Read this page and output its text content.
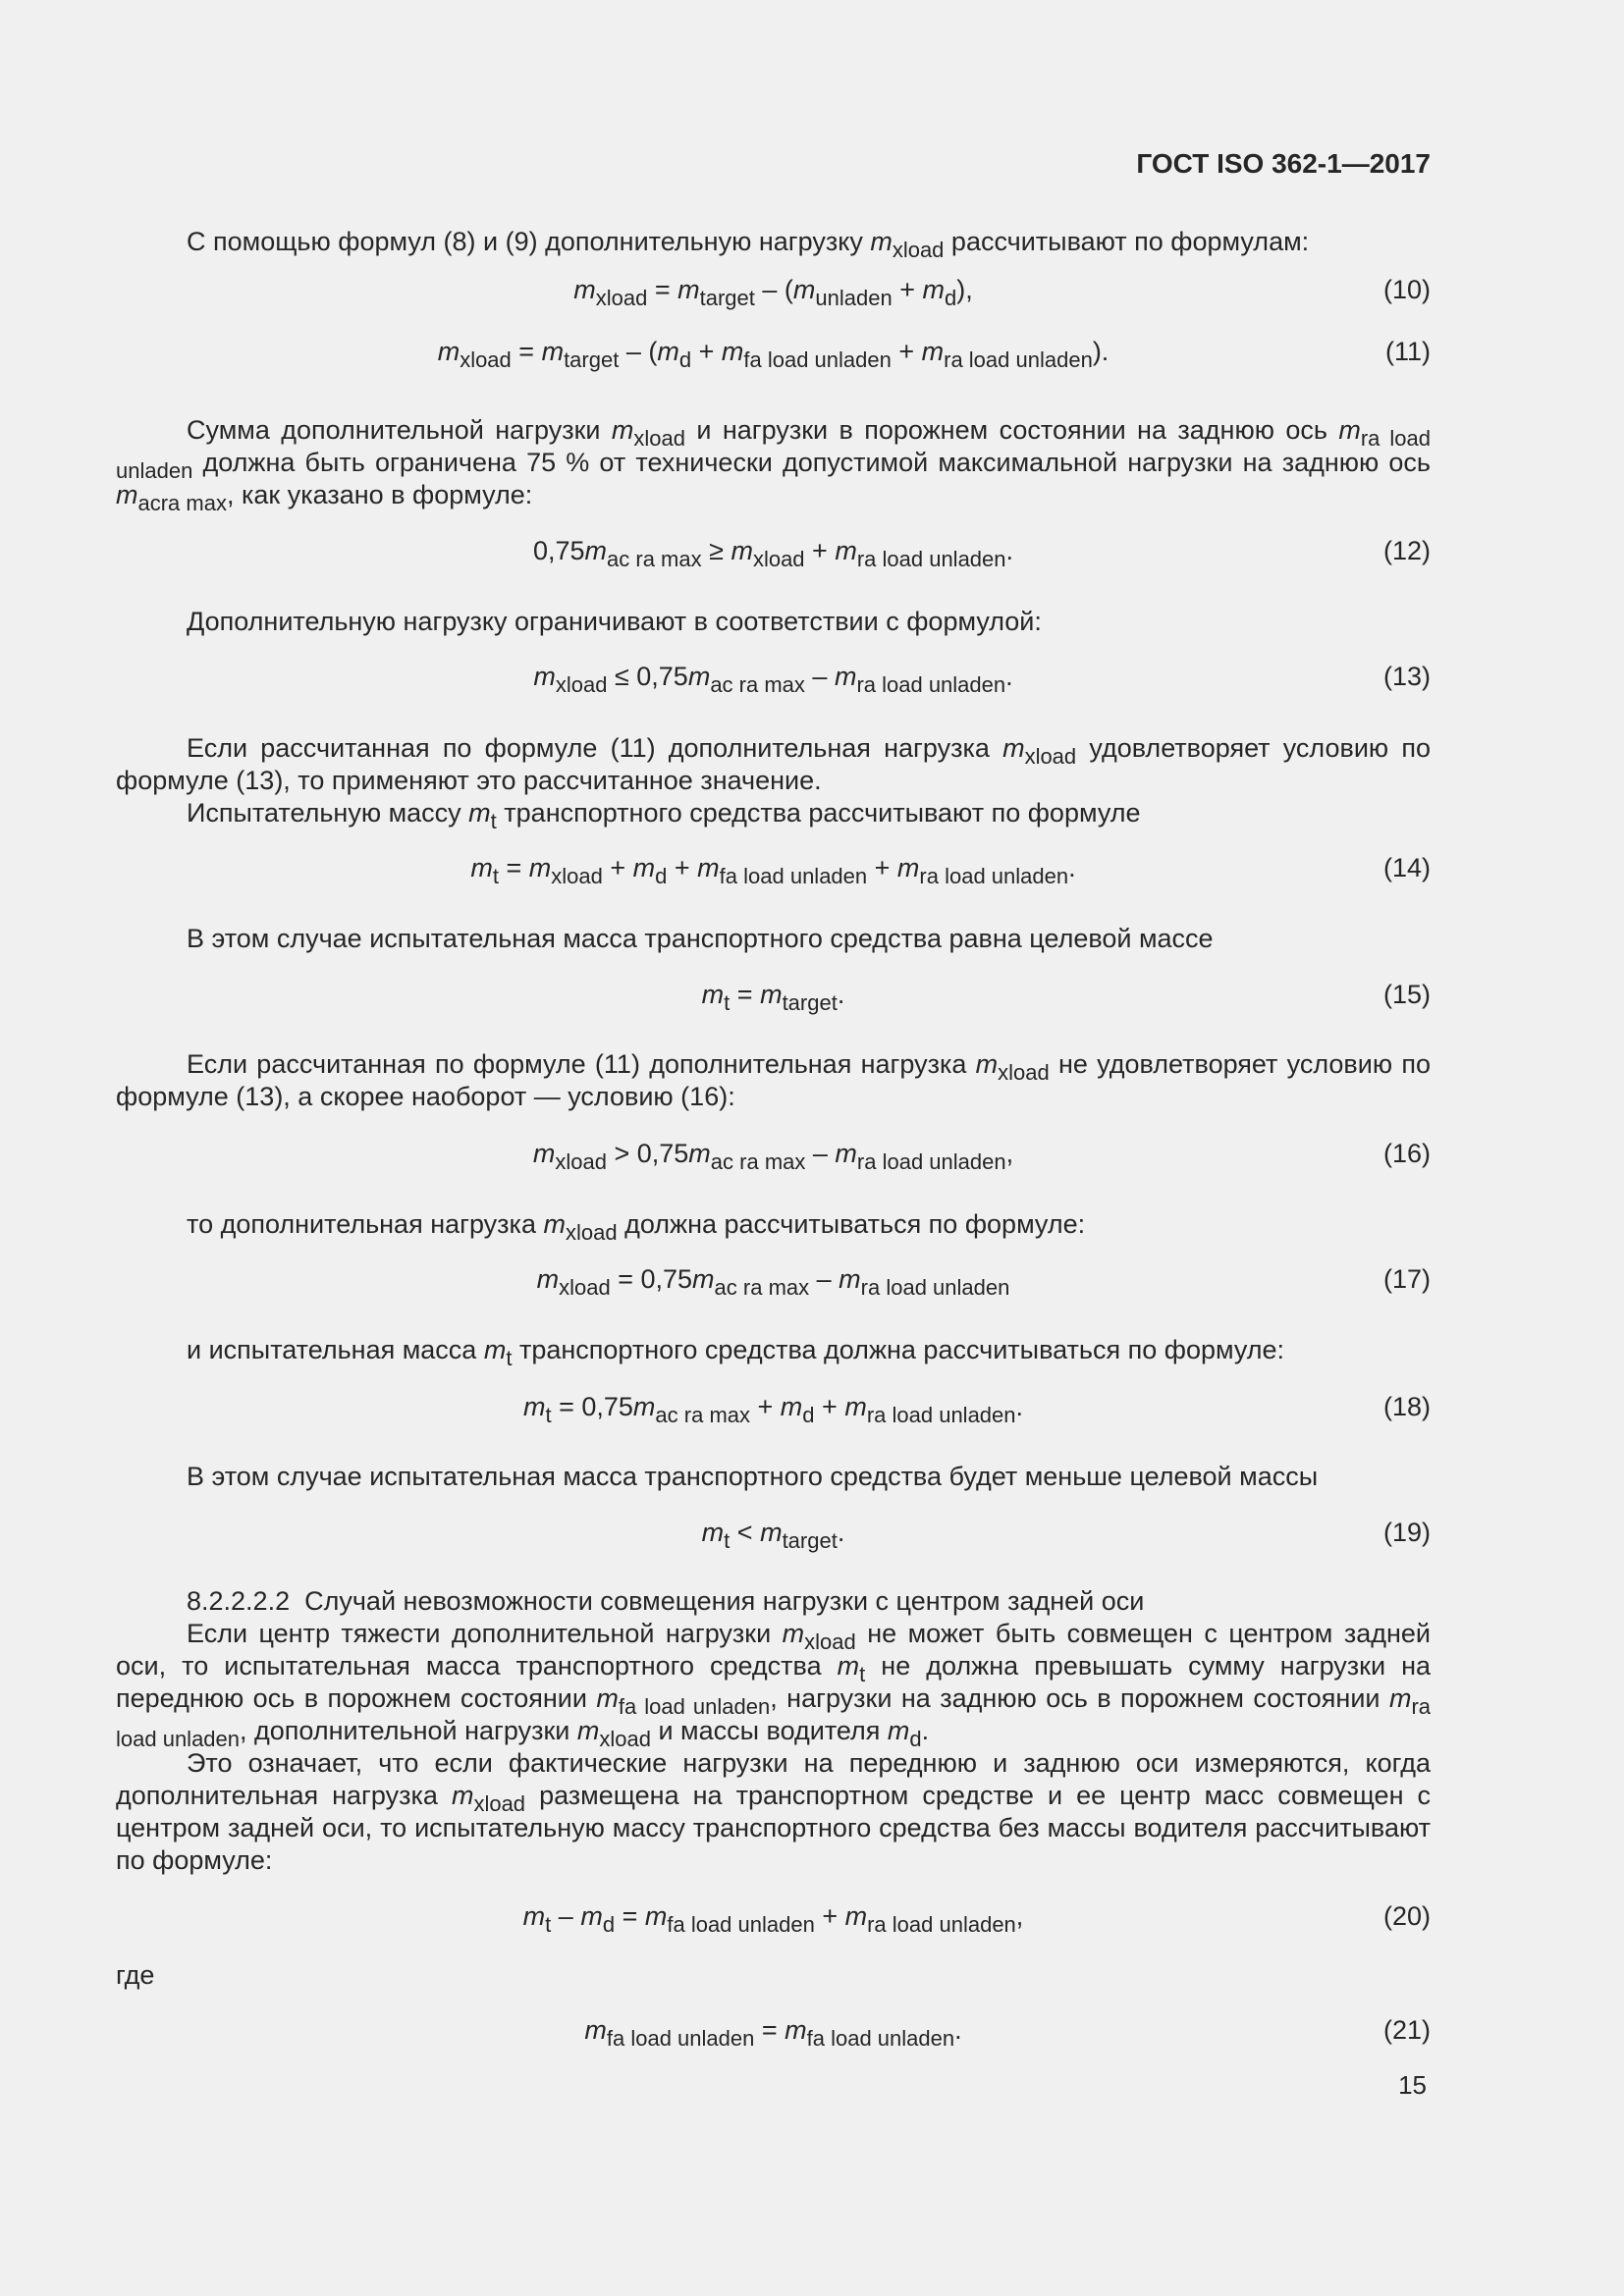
ГОСТ ISO 362-1—2017

С помощью формул (8) и (9) дополнительную нагрузку $m_{xload}$ рассчитывают по формулам:

$m_{xload} = m_{target} - (m_{unladen} + m_d)$,	(10)
$m_{xload} = m_{target} - (m_d + m_{fa load unladen} + m_{ra load unladen})$.	(11)

Сумма дополнительной нагрузки $m_{xload}$ и нагрузки в порожнем состоянии на заднюю ось $m_{ra load unladen}$ должна быть ограничена 75 % от технически допустимой максимальной нагрузки на заднюю ось $m_{acra max}$, как указано в формуле:

$0,75m_{ac ra max} \ge m_{xload} + m_{ra load unladen}$.	(12)

Дополнительную нагрузку ограничивают в соответствии с формулой:

$m_{xload} \le 0,75m_{ac ra max} - m_{ra load unladen}$.	(13)

Если рассчитанная по формуле (11) дополнительная нагрузка $m_{xload}$ удовлетворяет условию по формуле (13), то применяют это рассчитанное значение.

Испытательную массу $m_t$ транспортного средства рассчитывают по формуле

$m_t = m_{xload} + m_d + m_{fa load unladen} + m_{ra load unladen}$.	(14)

В этом случае испытательная масса транспортного средства равна целевой массе

$m_t = m_{target}$.	(15)

Если рассчитанная по формуле (11) дополнительная нагрузка $m_{xload}$ не удовлетворяет условию по формуле (13), а скорее наоборот — условию (16):

$m_{xload} > 0,75m_{ac ra max} - m_{ra load unladen}$,	(16)

то дополнительная нагрузка $m_{xload}$ должна рассчитываться по формуле:

$m_{xload} = 0,75m_{ac ra max} - m_{ra load unladen}$	(17)

и испытательная масса $m_t$ транспортного средства должна рассчитываться по формуле:

$m_t = 0,75m_{ac ra max} + m_d + m_{ra load unladen}$.	(18)

В этом случае испытательная масса транспортного средства будет меньше целевой массы

$m_t < m_{target}$.	(19)

8.2.2.2.2 Случай невозможности совмещения нагрузки с центром задней оси

Если центр тяжести дополнительной нагрузки $m_{xload}$ не может быть совмещен с центром задней оси, то испытательная масса транспортного средства $m_t$ не должна превышать сумму нагрузки на переднюю ось в порожнем состоянии $m_{fa load unladen}$, нагрузки на заднюю ось в порожнем состоянии $m_{ra load unladen}$, дополнительной нагрузки $m_{xload}$ и массы водителя $m_d$.

Это означает, что если фактические нагрузки на переднюю и заднюю оси измеряются, когда дополнительная нагрузка $m_{xload}$ размещена на транспортном средстве и ее центр масс совмещен с центром задней оси, то испытательную массу транспортного средства без массы водителя рассчитывают по формуле:

$m_t - m_d = m_{fa load unladen} + m_{ra load unladen}$,	(20)

где

$m_{fa load unladen} = m_{fa load unladen}$.	(21)
15
